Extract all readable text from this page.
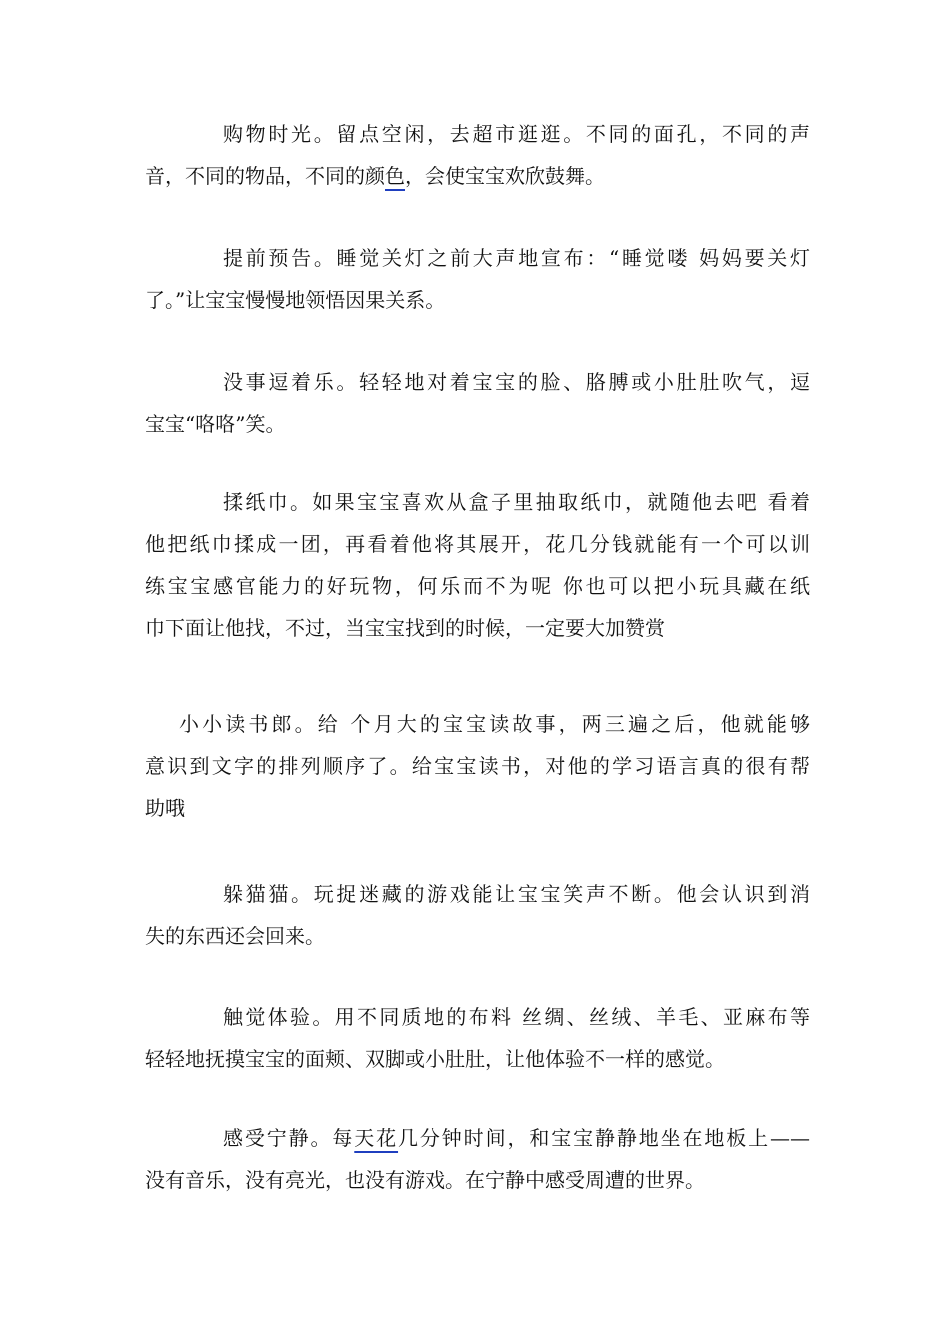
购物时光。留点空闲，去超市逛逛。不同的面孔，不同的声
音，不同的物品，不同的颜色，会使宝宝欢欣鼓舞。
提前预告。睡觉关灯之前大声地宣布：“睡觉喽 妈妈要关灯
了。”让宝宝慢慢地领悟因果关系。
没事逗着乐。轻轻地对着宝宝的脸、胳膊或小肚肚吹气，逗
宝宝“咯咯”笑。
揉纸巾。如果宝宝喜欢从盒子里抽取纸巾，就随他去吧 看着
他把纸巾揉成一团，再看着他将其展开，花几分钱就能有一个可以训
练宝宝感官能力的好玩物，何乐而不为呢 你也可以把小玩具藏在纸
巾下面让他找，不过，当宝宝找到的时候，一定要大加赞赏
小小读书郎。给 个月大的宝宝读故事，两三遍之后，他就能够
意识到文字的排列顺序了。给宝宝读书，对他的学习语言真的很有帮
助哦
躲猫猫。玩捉迷藏的游戏能让宝宝笑声不断。他会认识到消
失的东西还会回来。
触觉体验。用不同质地的布料 丝绸、丝绒、羊毛、亚麻布等
轻轻地抚摸宝宝的面颊、双脚或小肚肚，让他体验不一样的感觉。
感受宁静。每天花几分钟时间，和宝宝静静地坐在地板上——
没有音乐，没有亮光，也没有游戏。在宁静中感受周遭的世界。
